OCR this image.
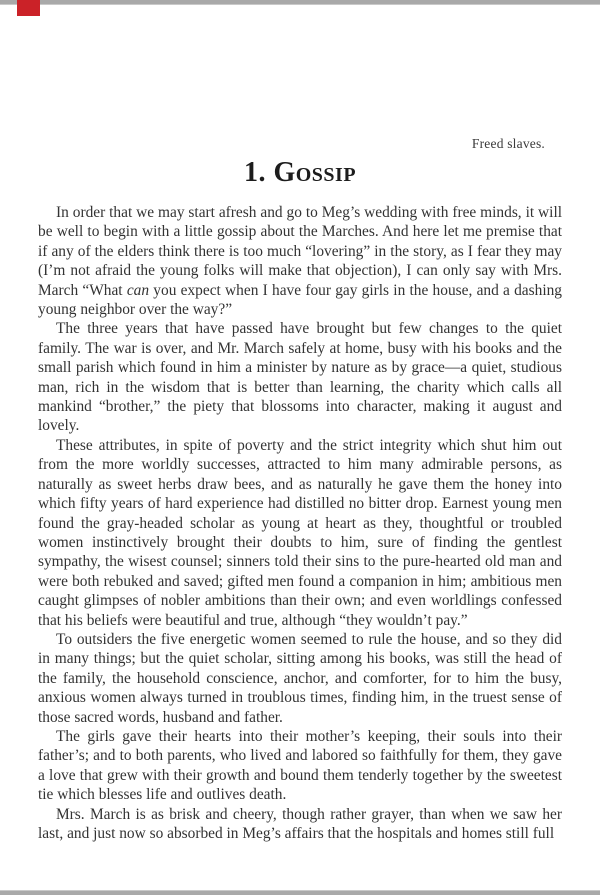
Freed slaves.
1. Gossip

In order that we may start afresh and go to Meg’s wedding with free minds, it will be well to begin with a little gossip about the Marches. And here let me premise that if any of the elders think there is too much “lovering” in the story, as I fear they may (I’m not afraid the young folks will make that objection), I can only say with Mrs. March “What can you expect when I have four gay girls in the house, and a dashing young neighbor over the way?”

The three years that have passed have brought but few changes to the quiet family. The war is over, and Mr. March safely at home, busy with his books and the small parish which found in him a minister by nature as by grace—a quiet, studious man, rich in the wisdom that is better than learning, the charity which calls all mankind “brother,” the piety that blossoms into character, making it august and lovely.

These attributes, in spite of poverty and the strict integrity which shut him out from the more worldly successes, attracted to him many admirable persons, as naturally as sweet herbs draw bees, and as naturally he gave them the honey into which fifty years of hard experience had distilled no bitter drop. Earnest young men found the gray-headed scholar as young at heart as they, thoughtful or troubled women instinctively brought their doubts to him, sure of finding the gentlest sympathy, the wisest counsel; sinners told their sins to the pure-hearted old man and were both rebuked and saved; gifted men found a companion in him; ambitious men caught glimpses of nobler ambitions than their own; and even worldlings confessed that his beliefs were beautiful and true, although “they wouldn’t pay.”

To outsiders the five energetic women seemed to rule the house, and so they did in many things; but the quiet scholar, sitting among his books, was still the head of the family, the household conscience, anchor, and comforter, for to him the busy, anxious women always turned in troublous times, finding him, in the truest sense of those sacred words, husband and father.

The girls gave their hearts into their mother’s keeping, their souls into their father’s; and to both parents, who lived and labored so faithfully for them, they gave a love that grew with their growth and bound them tenderly together by the sweetest tie which blesses life and outlives death.

Mrs. March is as brisk and cheery, though rather grayer, than when we saw her last, and just now so absorbed in Meg’s affairs that the hospitals and homes still full
